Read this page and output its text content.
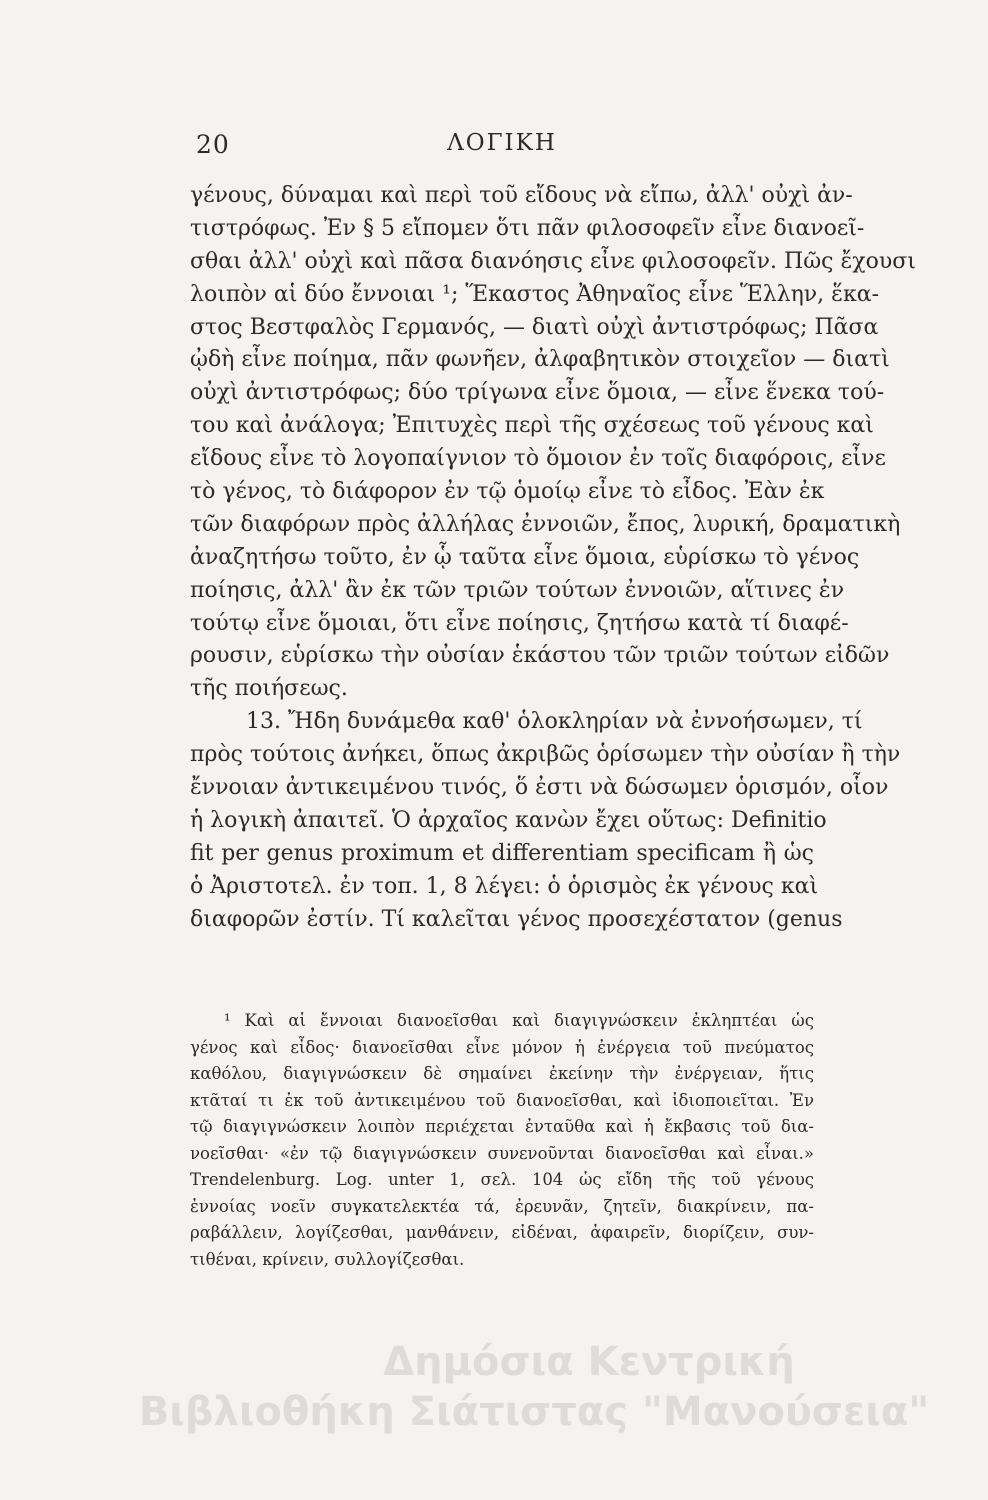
20	ΛΟΓΙΚΗ
γένους, δύναμαι καὶ περὶ τοῦ εἴδους νὰ εἴπω, ἀλλ' οὐχὶ ἀν-
τιστρόφως. Ἐν § 5 εἴπομεν ὅτι πᾶν φιλοσοφεῖν εἶνε διανοεῖ-
σθαι ἀλλ' οὐχὶ καὶ πᾶσα διανόησις εἶνε φιλοσοφεῖν. Πῶς ἔχουσι
λοιπὸν αἱ δύο ἔννοιαι ¹; Ἕκαστος Ἀθηναῖος εἶνε Ἕλλην, ἕκα-
στος Βεστφαλὸς Γερμανός, — διατὶ οὐχὶ ἀντιστρόφως; Πᾶσα
ᾠδὴ εἶνε ποίημα, πᾶν φωνῆεν, ἀλφαβητικὸν στοιχεῖον — διατὶ
οὐχὶ ἀντιστρόφως; δύο τρίγωνα εἶνε ὅμοια, — εἶνε ἕνεκα τού-
του καὶ ἀνάλογα; Ἐπιτυχὲς περὶ τῆς σχέσεως τοῦ γένους καὶ
εἴδους εἶνε τὸ λογοπαίγνιον τὸ ὅμοιον ἐν τοῖς διαφόροις, εἶνε
τὸ γένος, τὸ διάφορον ἐν τῷ ὁμοίῳ εἶνε τὸ εἶδος. Ἐὰν ἐκ
τῶν διαφόρων πρὸς ἀλλήλας ἐννοιῶν, ἔπος, λυρική, δραματικὴ
ἀναζητήσω τοῦτο, ἐν ᾧ ταῦτα εἶνε ὅμοια, εὑρίσκω τὸ γένος
ποίησις, ἀλλ' ἂν ἐκ τῶν τριῶν τούτων ἐννοιῶν, αἵτινες ἐν
τούτῳ εἶνε ὅμοιαι, ὅτι εἶνε ποίησις, ζητήσω κατὰ τί διαφέ-
ρουσιν, εὑρίσκω τὴν οὐσίαν ἑκάστου τῶν τριῶν τούτων εἰδῶν
τῆς ποιήσεως.
13. Ἤδη δυνάμεθα καθ' ὁλοκληρίαν νὰ ἐννοήσωμεν, τί
πρὸς τούτοις ἀνήκει, ὅπως ἀκριβῶς ὁρίσωμεν τὴν οὐσίαν ἢ τὴν
ἔννοιαν ἀντικειμένου τινός, ὅ ἐστι νὰ δώσωμεν ὁρισμόν, οἷον
ἡ λογικὴ ἀπαιτεῖ. Ὁ ἀρχαῖος κανὼν ἔχει οὕτως: Definitio
fit per genus proximum et differentiam specificam ἢ ὡς
ὁ Ἀριστοτελ. ἐν τοπ. 1, 8 λέγει: ὁ ὁρισμὸς ἐκ γένους καὶ
διαφορῶν ἐστίν. Τί καλεῖται γένος προσεχέστατον (genus
¹ Καὶ αἱ ἔννοιαι διανοεῖσθαι καὶ διαγιγνώσκειν ἐκληπτέαι ὡς
γένος καὶ εἶδος· διανοεῖσθαι εἶνε μόνον ἡ ἐνέργεια τοῦ πνεύματος
καθόλου, διαγιγνώσκειν δὲ σημαίνει ἐκείνην τὴν ἐνέργειαν, ἥτις
κτᾶταί τι ἐκ τοῦ ἀντικειμένου τοῦ διανοεῖσθαι, καὶ ἰδιοποιεῖται. Ἐν
τῷ διαγιγνώσκειν λοιπὸν περιέχεται ἐνταῦθα καὶ ἡ ἔκβασις τοῦ δια-
νοεῖσθαι· «ἐν τῷ διαγιγνώσκειν συνενοῦνται διανοεῖσθαι καὶ εἶναι.»
Trendelenburg. Log. unter 1, σελ. 104 ὡς εἴδη τῆς τοῦ γένους
ἐννοίας νοεῖν συγκατελεκτέα τά, ἐρευνᾶν, ζητεῖν, διακρίνειν, πα-
ραβάλλειν, λογίζεσθαι, μανθάνειν, εἰδέναι, ἀφαιρεῖν, διορίζειν, συν-
τιθέναι, κρίνειν, συλλογίζεσθαι.
Δημόσια Κεντρική
Βιβλιοθήκη Σιάτιστας "Μανούσεια"
